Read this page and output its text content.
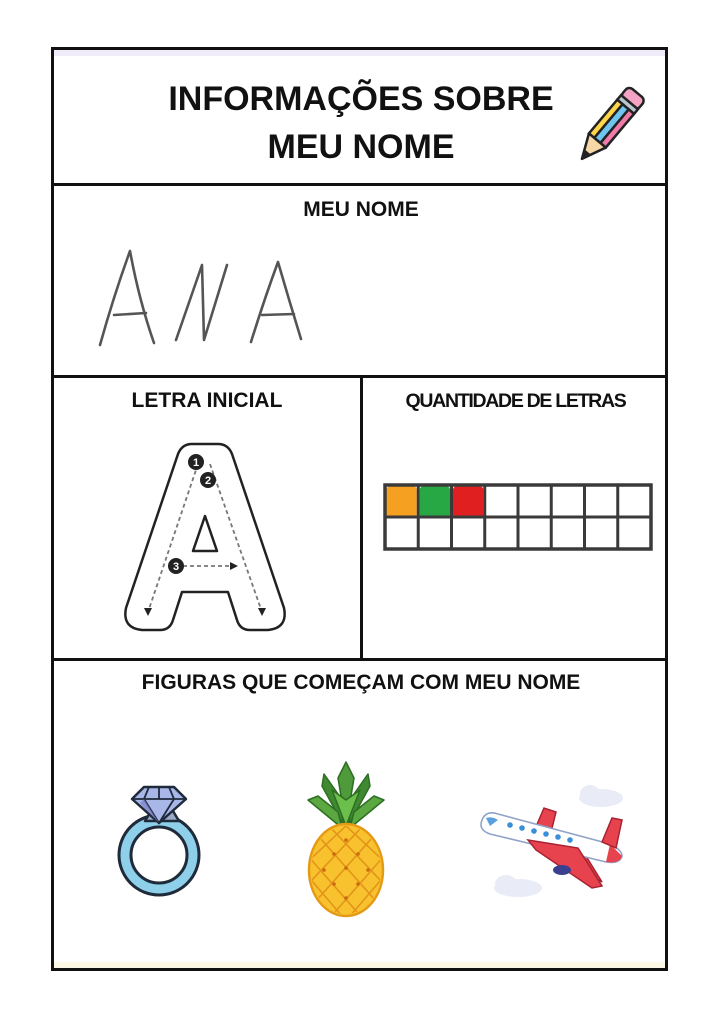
INFORMAÇÕES SOBRE
MEU NOME
MEU NOME
LETRA INICIAL
1
2
3
QUANTIDADE DE LETRAS
FIGURAS QUE COMEÇAM COM MEU NOME
